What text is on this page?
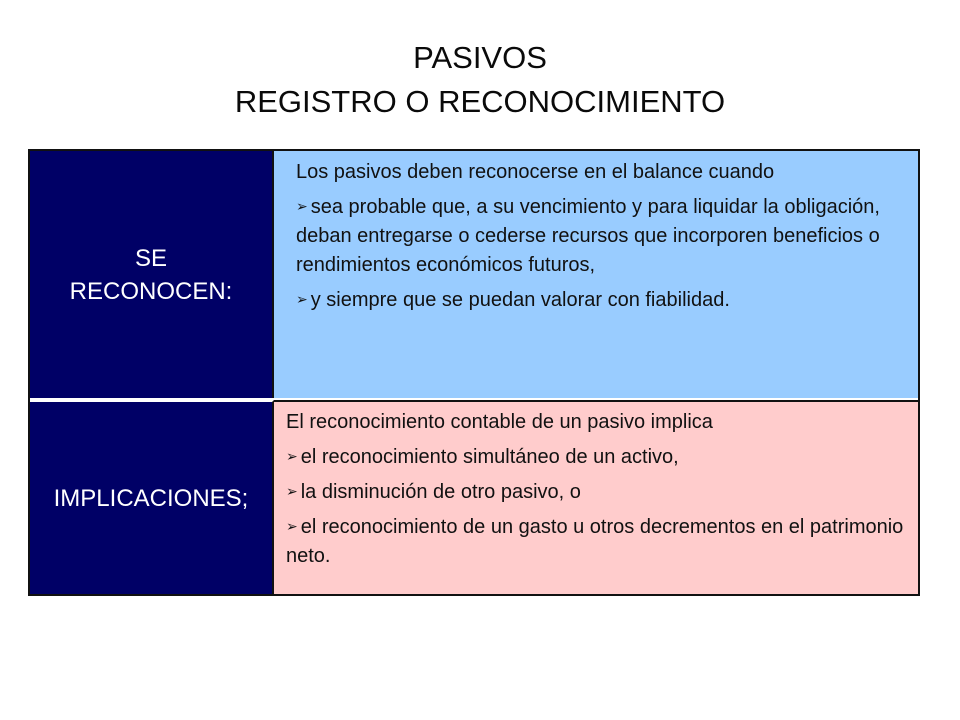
PASIVOS
REGISTRO O RECONOCIMIENTO
SE RECONOCEN:

Los pasivos deben reconocerse en el balance cuando

➢ sea probable que, a su vencimiento y para liquidar la obligación, deban entregarse o cederse recursos que incorporen beneficios o rendimientos económicos futuros,

➢ y siempre que se puedan valorar con fiabilidad.

IMPLICACIONES;

El reconocimiento contable de un pasivo implica

➢ el reconocimiento simultáneo de un activo,

➢ la disminución de otro pasivo, o

➢ el reconocimiento de un gasto u otros decrementos en el patrimonio neto.
